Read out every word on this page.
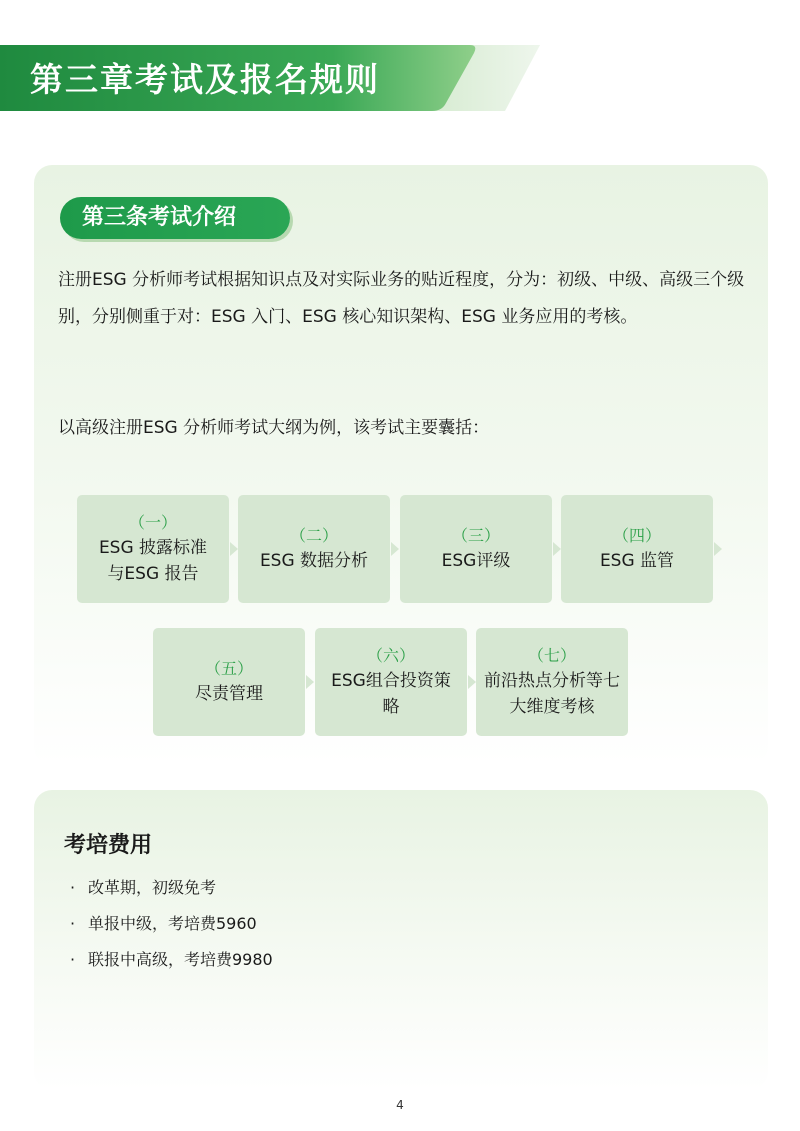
第三章考试及报名规则
第三条考试介绍
注册ESG 分析师考试根据知识点及对实际业务的贴近程度，分为：初级、中级、高级三个级别，分别侧重于对：ESG 入门、ESG 核心知识架构、ESG 业务应用的考核。
以高级注册ESG 分析师考试大纲为例，该考试主要囊括：
（一）
ESG 披露标准与ESG 报告
（二）
ESG 数据分析
（三）
ESG评级
（四）
ESG 监管
（五）
尽责管理
（六）
ESG组合投资策略
（七）
前沿热点分析等七大维度考核
考培费用
· 改革期，初级免考
· 单报中级，考培费5960
· 联报中高级，考培费9980
4
